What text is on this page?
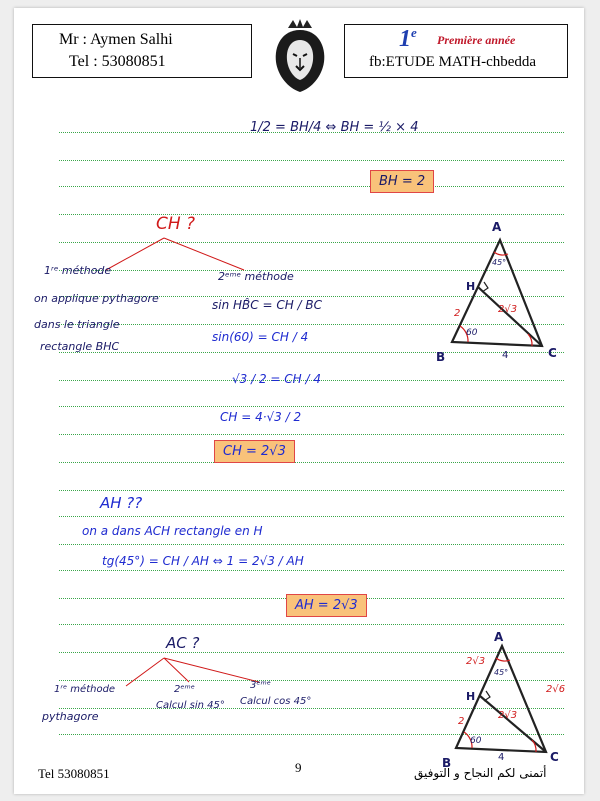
Mr : Aymen Salhi
Tel : 53080851
1e Première année
fb:ETUDE MATH-chbedda
1/2 = BH/4 ⇔ BH = ½ × 4
BH = 2
CH ?
1ʳᵉ méthode
on applique pythagore
dans le triangle
rectangle BHC
2ᵉᵐᵉ méthode
sin HB̂C = CH / BC
sin(60) = CH / 4
√3 / 2 = CH / 4
CH = 4·√3 / 2
CH = 2√3
AH ??
on a dans ACH rectangle en H
tg(45°) = CH / AH ⇔ 1 = 2√3 / AH
AH = 2√3
AC ?
1ʳᵉ méthode
pythagore
2ᵉᵐᵉ
Calcul sin 45°
3ᵉᵐᵉ
Calcul cos 45°
A
B	C
H
45°
60
2	2√3
4
A
B	C
H
45°
60
2
2√3
2√3
2√6
4
Tel 53080851	9	أتمنى لكم النجاح و التوفيق
